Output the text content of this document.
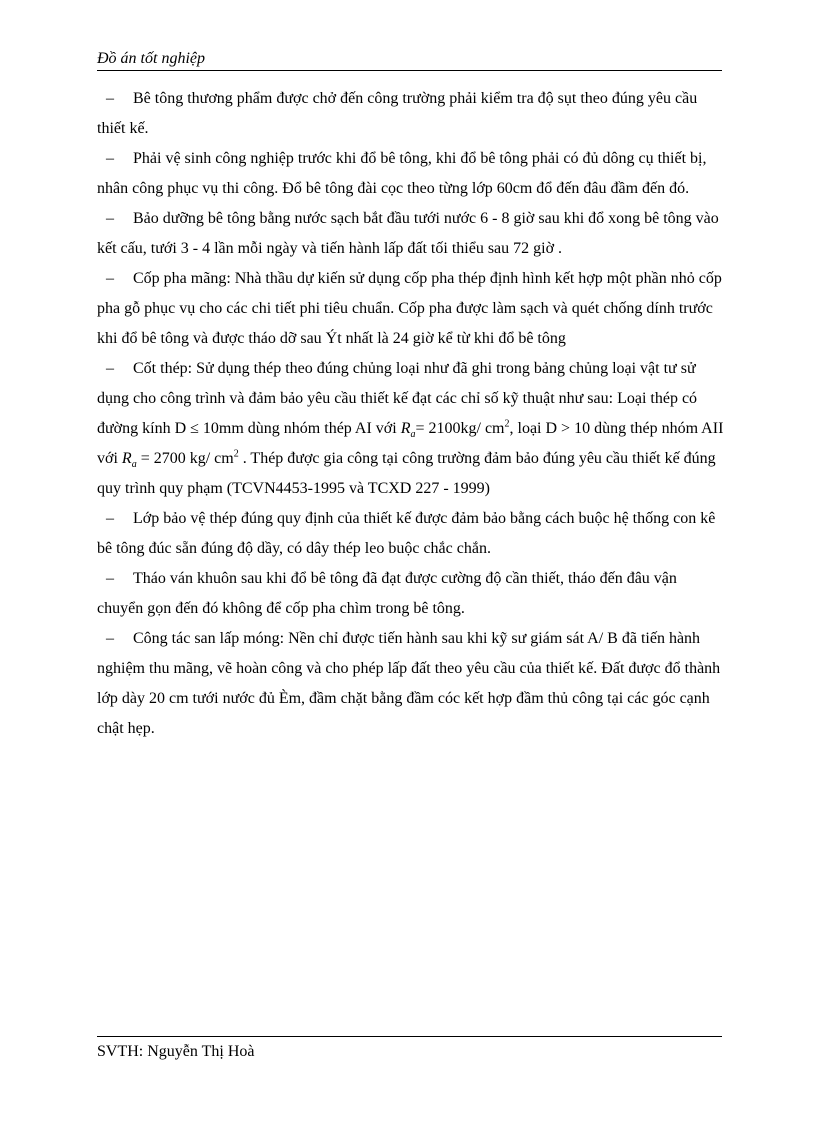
Đồ án tốt nghiệp

– Bê tông thương phẩm được chở đến công trường phải kiểm tra độ sụt theo đúng yêu cầu thiết kế.

– Phải vệ sinh công nghiệp trước khi đổ bê tông, khi đổ bê tông phải có đủ dông cụ thiết bị, nhân công phục vụ thi công. Đổ bê tông đài cọc theo từng lớp 60cm đổ đến đâu đầm đến đó.

– Bảo dưỡng bê tông bằng nước sạch bắt đầu tưới nước 6 - 8 giờ sau khi đổ xong bê tông vào kết cấu, tưới 3 - 4 lần mỗi ngày và tiến hành lấp đất tối thiểu sau 72 giờ .

– Cốp pha mãng: Nhà thầu dự kiến sử dụng cốp pha thép định hình kết hợp một phần nhỏ cốp pha gỗ phục vụ cho các chi tiết phi tiêu chuẩn. Cốp pha được làm sạch và quét chống dính trước khi đổ bê tông và được tháo dỡ sau Ýt nhất là 24 giờ kể từ khi đổ bê tông

– Cốt thép: Sử dụng thép theo đúng chủng loại như đã ghi trong bảng chủng loại vật tư sử dụng cho công trình và đảm bảo yêu cầu thiết kế đạt các chỉ số kỹ thuật như sau: Loại thép có đường kính D ≤ 10mm dùng nhóm thép AI với $R_a= 2100kg/$ $cm^2$, loại D > 10 dùng thép nhóm AII với $R_a = 2700$ kg/ $cm^2$ . Thép được gia công tại công trường đảm bảo đúng yêu cầu thiết kế đúng quy trình quy phạm (TCVN4453-1995 và TCXD 227 - 1999)

– Lớp bảo vệ thép đúng quy định của thiết kế được đảm bảo bằng cách buộc hệ thống con kê bê tông đúc sẵn đúng độ dầy, có dây thép leo buộc chắc chắn.

– Tháo ván khuôn sau khi đổ bê tông đã đạt được cường độ cần thiết, tháo đến đâu vận chuyển gọn đến đó không để cốp pha chìm trong bê tông.

– Công tác san lấp móng: Nền chỉ được tiến hành sau khi kỹ sư giám sát A/ B đã tiến hành nghiệm thu mãng, vẽ hoàn công và cho phép lấp đất theo yêu cầu của thiết kế. Đất được đổ thành lớp dày 20 cm tưới nước đủ Èm, đầm chặt bằng đầm cóc kết hợp đầm thủ công tại các góc cạnh chật hẹp.

SVTH: Nguyễn Thị Hoà
